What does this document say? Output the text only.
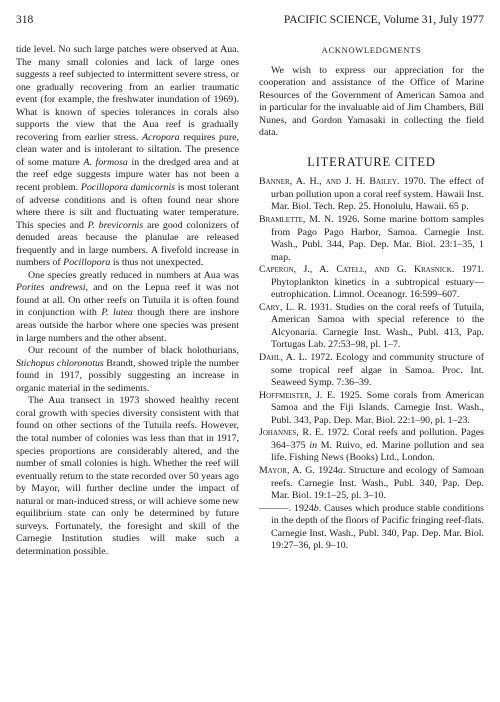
318	PACIFIC SCIENCE, Volume 31, July 1977

tide level. No such large patches were observed at Aua. The many small colonies and lack of large ones suggests a reef subjected to intermittent severe stress, or one gradually recovering from an earlier traumatic event (for example, the freshwater inundation of 1969). What is known of species tolerances in corals also supports the view that the Aua reef is gradually recovering from earlier stress. Acropora requires pure, clean water and is intolerant to siltation. The presence of some mature A. formosa in the dredged area and at the reef edge suggests impure water has not been a recent problem. Pocillopora damicornis is most tolerant of adverse conditions and is often found near shore where there is silt and fluctuating water temperature. This species and P. brevicornis are good colonizers of denuded areas because the planulae are released frequently and in large numbers. A fivefold increase in numbers of Pocillopora is thus not unexpected.

One species greatly reduced in numbers at Aua was Porites andrewsi, and on the Lepua reef it was not found at all. On other reefs on Tutuila it is often found in conjunction with P. lutea though there are inshore areas outside the harbor where one species was present in large numbers and the other absent.

Our recount of the number of black holothurians, Stichopus chloronotus Brandt, showed triple the number found in 1917, possibly suggesting an increase in organic material in the sediments.

The Aua transect in 1973 showed healthy recent coral growth with species diversity consistent with that found on other sections of the Tutuila reefs. However, the total number of colonies was less than that in 1917, species proportions are considerably altered, and the number of small colonies is high. Whether the reef will eventually return to the state recorded over 50 years ago by Mayor, will further decline under the impact of natural or man-induced stress, or will achieve some new equilibrium state can only be determined by future surveys. Fortunately, the foresight and skill of the Carnegie Institution studies will make such a determination possible.

ACKNOWLEDGMENTS

We wish to express our appreciation for the cooperation and assistance of the Office of Marine Resources of the Government of American Samoa and in particular for the invaluable aid of Jim Chambers, Bill Nunes, and Gordon Yamasaki in collecting the field data.

LITERATURE CITED

Banner, A. H., and J. H. Bailey. 1970. The effect of urban pollution upon a coral reef system. Hawaii Inst. Mar. Biol. Tech. Rep. 25. Honolulu, Hawaii. 65 p.

Bramlette, M. N. 1926. Some marine bottom samples from Pago Pago Harbor, Samoa. Carnegie Inst. Wash., Publ. 344, Pap. Dep. Mar. Biol. 23:1–35, 1 map.

Caperon, J., A. Catell, and G. Krasnick. 1971. Phytoplankton kinetics in a subtropical estuary—eutrophication. Limnol. Oceanogr. 16:599–607.

Cary, L. R. 1931. Studies on the coral reefs of Tutuila, American Samoa with special reference to the Alcyonaria. Carnegie Inst. Wash., Publ. 413, Pap. Tortugas Lab. 27:53–98, pl. 1–7.

Dahl, A. L. 1972. Ecology and community structure of some tropical reef algae in Samoa. Proc. Int. Seaweed Symp. 7:36–39.

Hoffmeister, J. E. 1925. Some corals from American Samoa and the Fiji Islands. Carnegie Inst. Wash., Publ. 343, Pap. Dep. Mar. Biol. 22:1–90, pl. 1–23.

Johannes, R. E. 1972. Coral reefs and pollution. Pages 364–375 in M. Ruivo, ed. Marine pollution and sea life. Fishing News (Books) Ltd., London.

Mayor, A. G. 1924a. Structure and ecology of Samoan reefs. Carnegie Inst. Wash., Publ. 340, Pap. Dep. Mar. Biol. 19:1–25, pl. 3–10.

———. 1924b. Causes which produce stable conditions in the depth of the floors of Pacific fringing reef-flats. Carnegie Inst. Wash., Publ. 340, Pap. Dep. Mar. Biol. 19:27–36, pl. 9–10.
